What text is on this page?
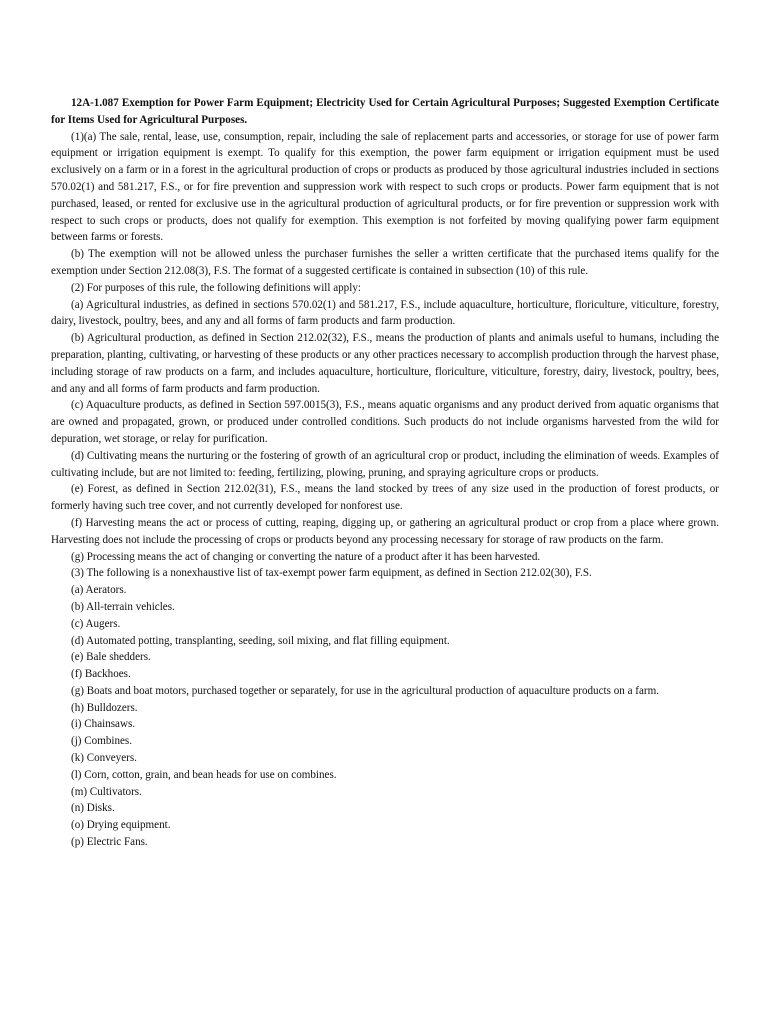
12A-1.087 Exemption for Power Farm Equipment; Electricity Used for Certain Agricultural Purposes; Suggested Exemption Certificate for Items Used for Agricultural Purposes.

(1)(a) The sale, rental, lease, use, consumption, repair, including the sale of replacement parts and accessories, or storage for use of power farm equipment or irrigation equipment is exempt. To qualify for this exemption, the power farm equipment or irrigation equipment must be used exclusively on a farm or in a forest in the agricultural production of crops or products as produced by those agricultural industries included in sections 570.02(1) and 581.217, F.S., or for fire prevention and suppression work with respect to such crops or products. Power farm equipment that is not purchased, leased, or rented for exclusive use in the agricultural production of agricultural products, or for fire prevention or suppression work with respect to such crops or products, does not qualify for exemption. This exemption is not forfeited by moving qualifying power farm equipment between farms or forests.

(b) The exemption will not be allowed unless the purchaser furnishes the seller a written certificate that the purchased items qualify for the exemption under Section 212.08(3), F.S. The format of a suggested certificate is contained in subsection (10) of this rule.

(2) For purposes of this rule, the following definitions will apply:

(a) Agricultural industries, as defined in sections 570.02(1) and 581.217, F.S., include aquaculture, horticulture, floriculture, viticulture, forestry, dairy, livestock, poultry, bees, and any and all forms of farm products and farm production.

(b) Agricultural production, as defined in Section 212.02(32), F.S., means the production of plants and animals useful to humans, including the preparation, planting, cultivating, or harvesting of these products or any other practices necessary to accomplish production through the harvest phase, including storage of raw products on a farm, and includes aquaculture, horticulture, floriculture, viticulture, forestry, dairy, livestock, poultry, bees, and any and all forms of farm products and farm production.

(c) Aquaculture products, as defined in Section 597.0015(3), F.S., means aquatic organisms and any product derived from aquatic organisms that are owned and propagated, grown, or produced under controlled conditions. Such products do not include organisms harvested from the wild for depuration, wet storage, or relay for purification.

(d) Cultivating means the nurturing or the fostering of growth of an agricultural crop or product, including the elimination of weeds. Examples of cultivating include, but are not limited to: feeding, fertilizing, plowing, pruning, and spraying agriculture crops or products.

(e) Forest, as defined in Section 212.02(31), F.S., means the land stocked by trees of any size used in the production of forest products, or formerly having such tree cover, and not currently developed for nonforest use.

(f) Harvesting means the act or process of cutting, reaping, digging up, or gathering an agricultural product or crop from a place where grown. Harvesting does not include the processing of crops or products beyond any processing necessary for storage of raw products on the farm.

(g) Processing means the act of changing or converting the nature of a product after it has been harvested.

(3) The following is a nonexhaustive list of tax-exempt power farm equipment, as defined in Section 212.02(30), F.S.

(a) Aerators.

(b) All-terrain vehicles.

(c) Augers.

(d) Automated potting, transplanting, seeding, soil mixing, and flat filling equipment.

(e) Bale shedders.

(f) Backhoes.

(g) Boats and boat motors, purchased together or separately, for use in the agricultural production of aquaculture products on a farm.

(h) Bulldozers.

(i) Chainsaws.

(j) Combines.

(k) Conveyers.

(l) Corn, cotton, grain, and bean heads for use on combines.

(m) Cultivators.

(n) Disks.

(o) Drying equipment.

(p) Electric Fans.
